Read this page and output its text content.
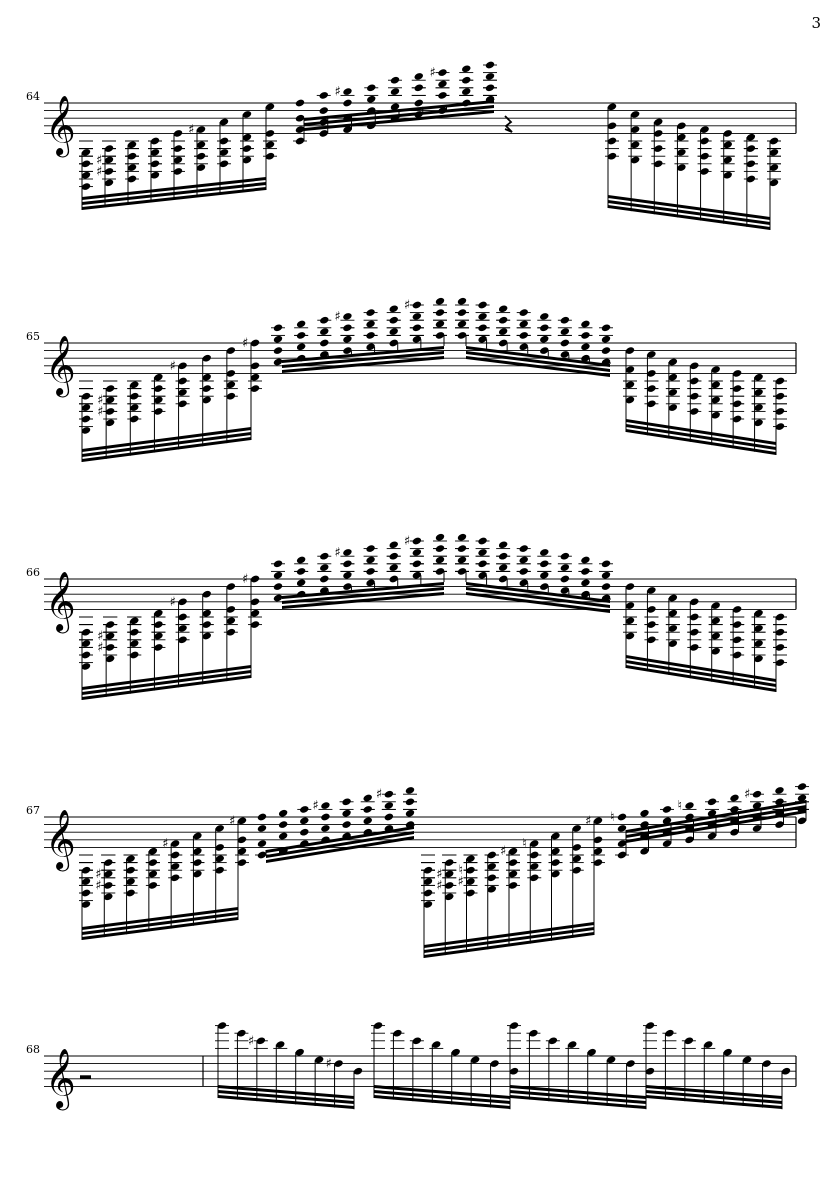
3
64
65
66
67
68
𝄞
♯
♯
♯
♯
♯
𝄞
♯
♯
♯
♯
♯
♯
𝄞
♯
♯
♯
♯
♯
♯
𝄞
♯
♯
♯
♯
♯
♯
♯
♯
♯
♮
♯
♮
♯ ♮
♮
♯
𝄞
♯
♯
